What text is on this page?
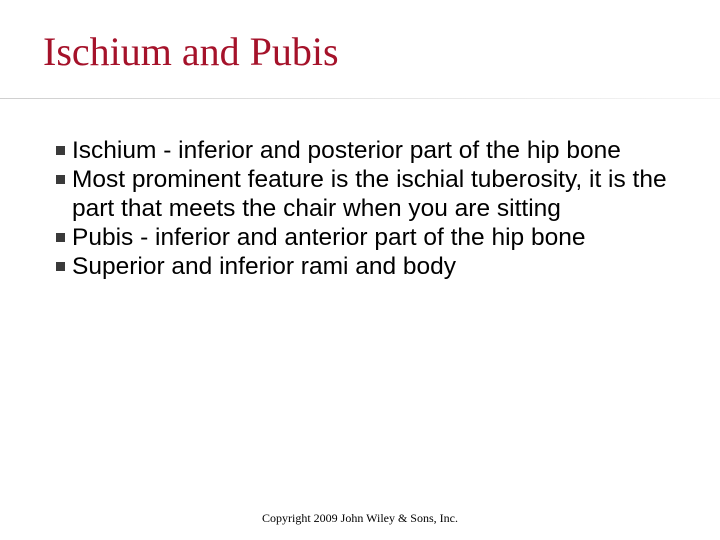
Ischium and Pubis
Ischium - inferior and posterior part of the hip bone
Most prominent feature is the ischial tuberosity, it is the part that meets the chair when you are sitting
Pubis - inferior and anterior part of the hip bone
Superior and inferior rami and body
Copyright 2009 John Wiley & Sons, Inc.
